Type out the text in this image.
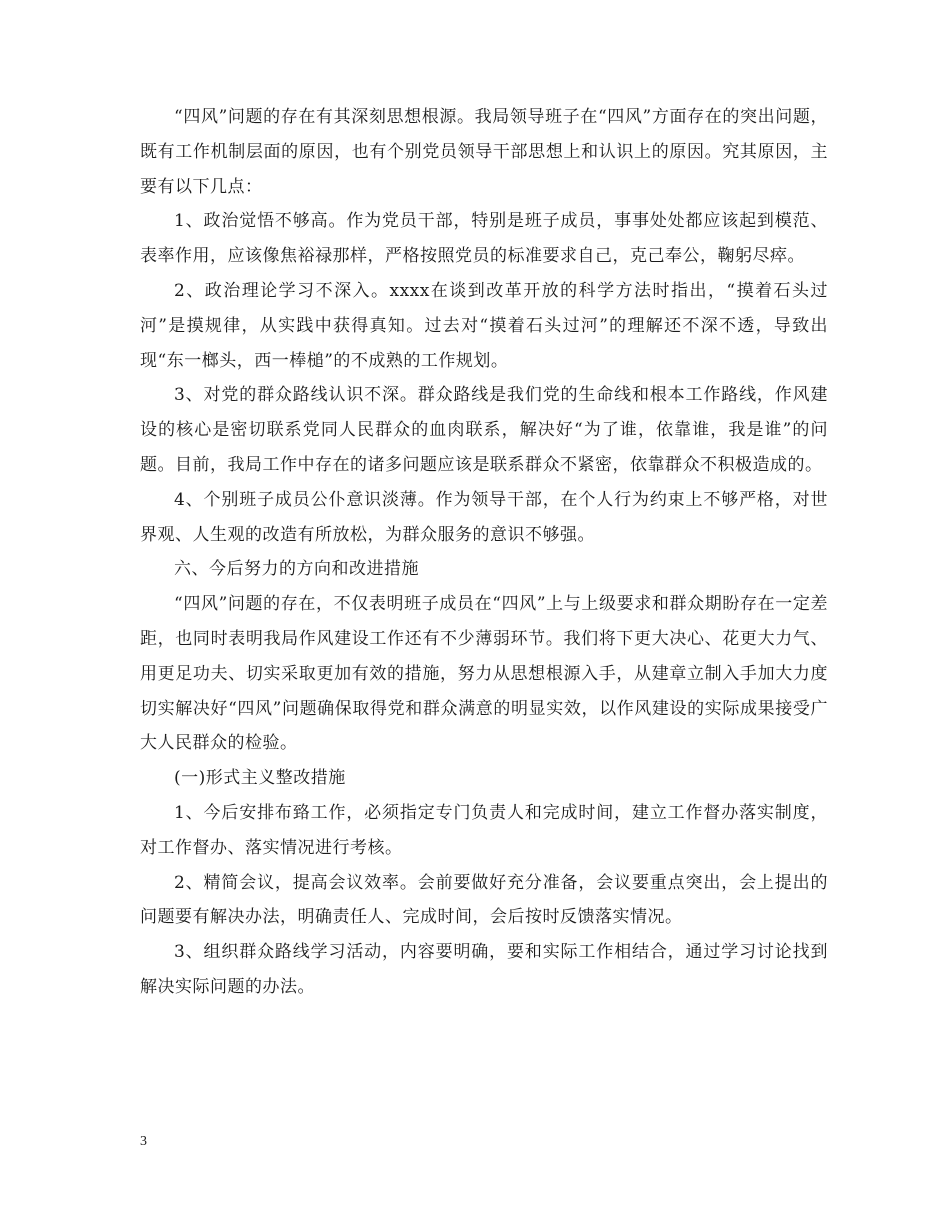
“四风”问题的存在有其深刻思想根源。我局领导班子在“四风”方面存在的突出问题，既有工作机制层面的原因，也有个别党员领导干部思想上和认识上的原因。究其原因，主要有以下几点：

1、政治觉悟不够高。作为党员干部，特别是班子成员，事事处处都应该起到模范、表率作用，应该像焦裕禄那样，严格按照党员的标准要求自己，克己奉公，鞠躬尽瘁。

2、政治理论学习不深入。xxxx在谈到改革开放的科学方法时指出，“摸着石头过河”是摸规律，从实践中获得真知。过去对“摸着石头过河”的理解还不深不透，导致出现“东一榔头，西一棒槌”的不成熟的工作规划。

3、对党的群众路线认识不深。群众路线是我们党的生命线和根本工作路线，作风建设的核心是密切联系党同人民群众的血肉联系，解决好“为了谁，依靠谁，我是谁”的问题。目前，我局工作中存在的诸多问题应该是联系群众不紧密，依靠群众不积极造成的。

4、个别班子成员公仆意识淡薄。作为领导干部，在个人行为约束上不够严格，对世界观、人生观的改造有所放松，为群众服务的意识不够强。

六、今后努力的方向和改进措施

“四风”问题的存在，不仅表明班子成员在“四风”上与上级要求和群众期盼存在一定差距，也同时表明我局作风建设工作还有不少薄弱环节。我们将下更大决心、花更大力气、用更足功夫、切实采取更加有效的措施，努力从思想根源入手，从建章立制入手加大力度切实解决好“四风”问题确保取得党和群众满意的明显实效，以作风建设的实际成果接受广大人民群众的检验。

(一)形式主义整改措施

1、今后安排布臵工作，必须指定专门负责人和完成时间，建立工作督办落实制度，对工作督办、落实情况进行考核。

2、精简会议，提高会议效率。会前要做好充分准备，会议要重点突出，会上提出的问题要有解决办法，明确责任人、完成时间，会后按时反馈落实情况。

3、组织群众路线学习活动，内容要明确，要和实际工作相结合，通过学习讨论找到解决实际问题的办法。

3
